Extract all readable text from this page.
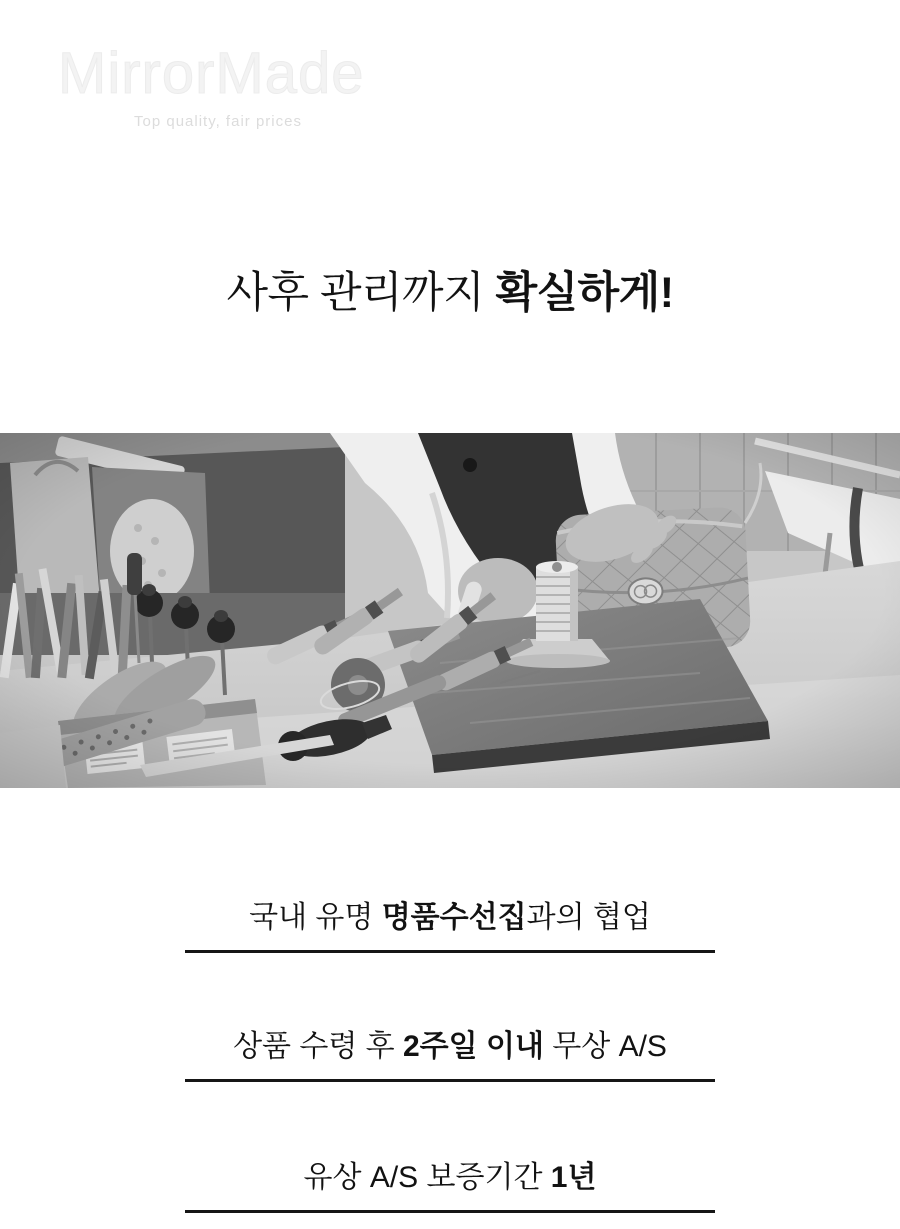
MirrorMade
Top quality, fair prices
사후 관리까지 확실하게!

국내 유명 명품수선집과의 협업

상품 수령 후 2주일 이내 무상 A/S

유상 A/S 보증기간 1년
